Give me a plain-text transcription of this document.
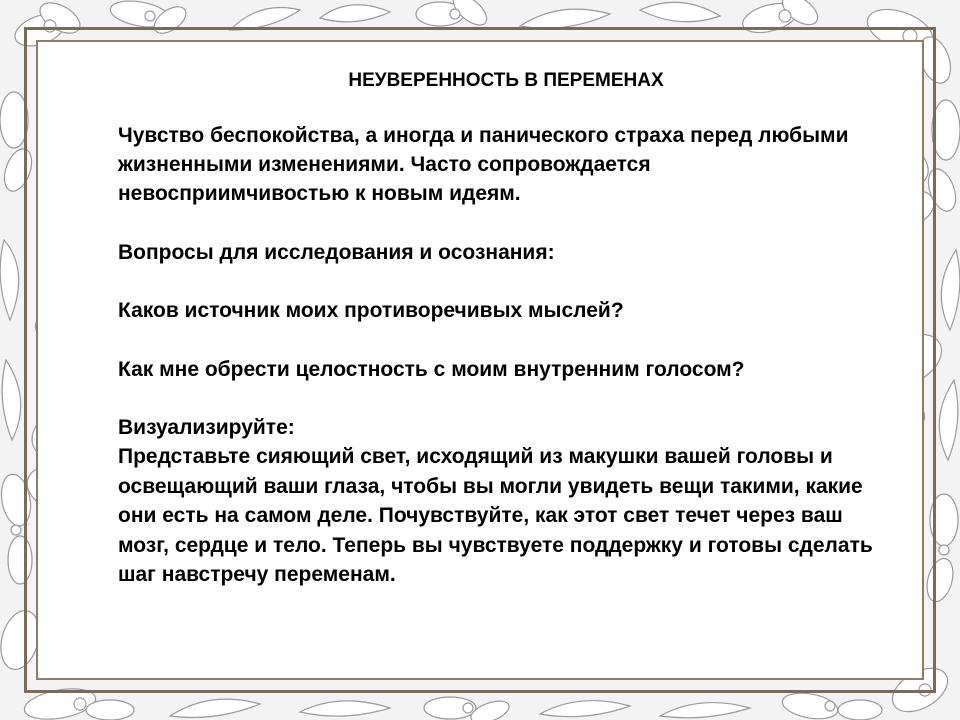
НЕУВЕРЕННОСТЬ В ПЕРЕМЕНАХ

Чувство беспокойства, а иногда и панического страха перед любыми жизненными изменениями. Часто сопровождается невосприимчивостью к новым идеям.

Вопросы для исследования и осознания:

Каков источник моих противоречивых мыслей?

Как мне обрести целостность с моим внутренним голосом?

Визуализируйте:

Представьте сияющий свет, исходящий из макушки вашей головы и освещающий ваши глаза, чтобы вы могли увидеть вещи такими, какие они есть на самом деле. Почувствуйте, как этот свет течет через ваш мозг, сердце и тело. Теперь вы чувствуете поддержку и готовы сделать шаг навстречу переменам.
